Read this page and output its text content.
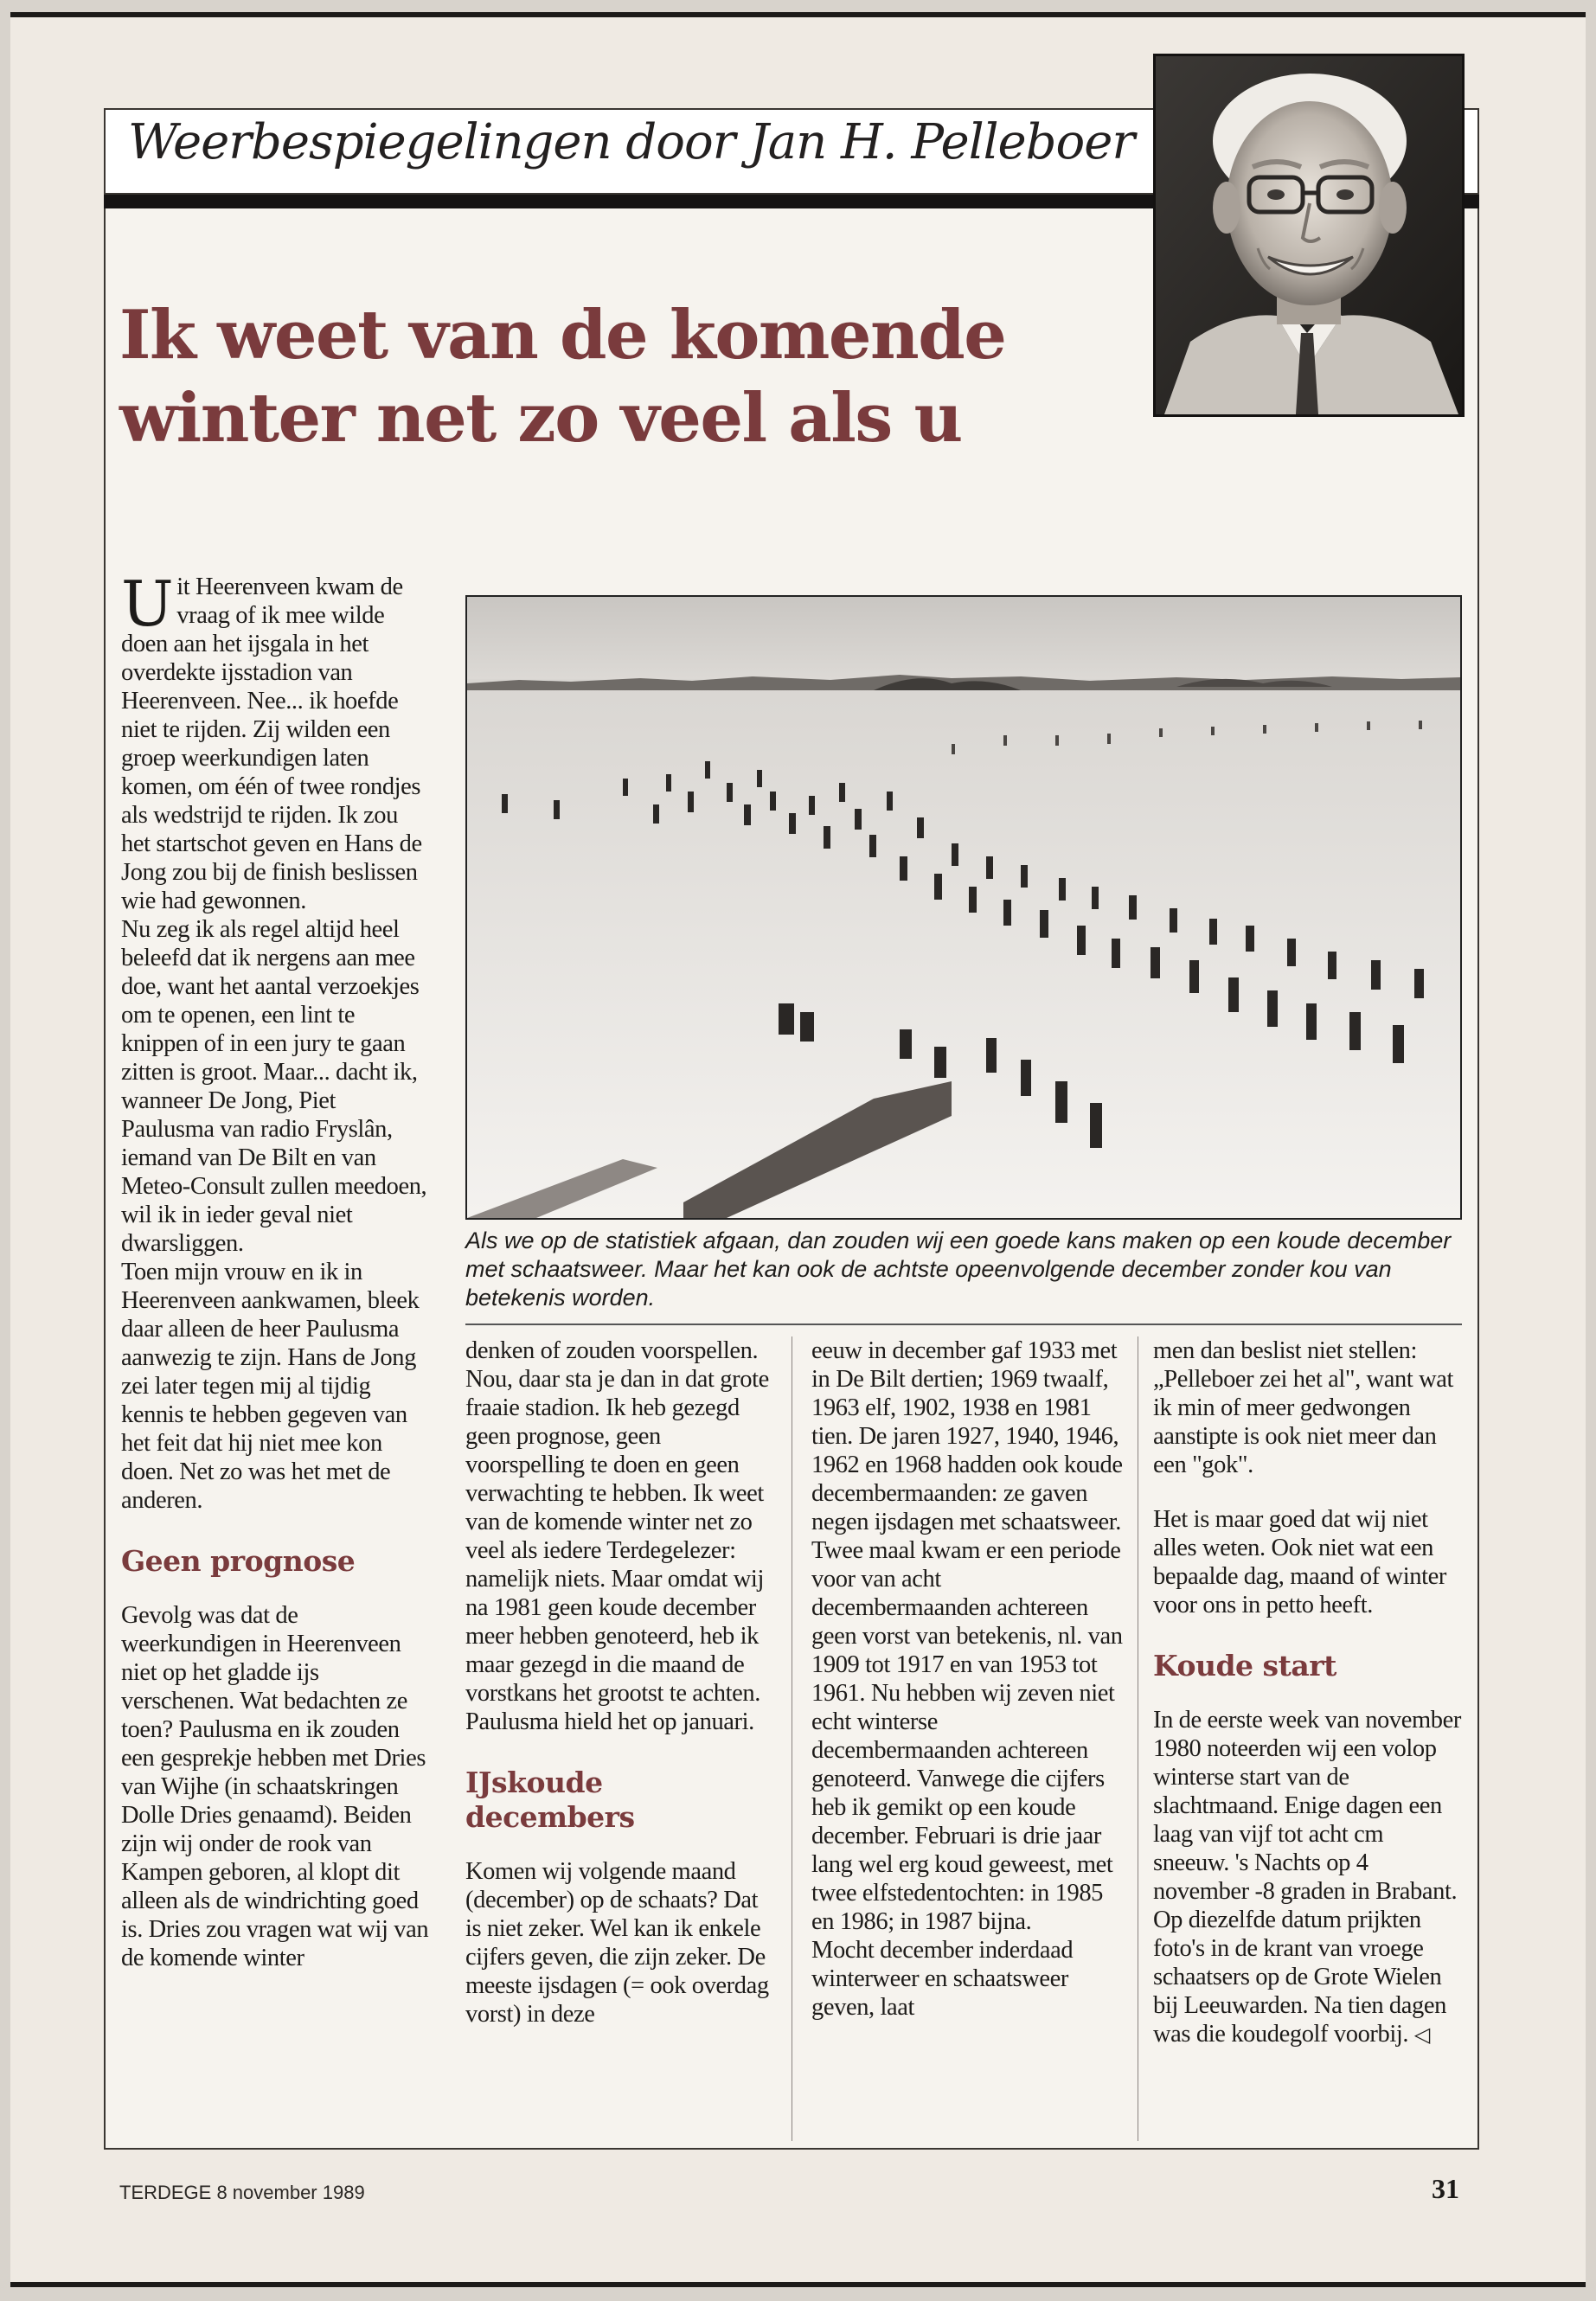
Weerbespiegelingen door Jan H. Pelleboer
Ik weet van de komende winter net zo veel als u

Uit Heerenveen kwam de vraag of ik mee wilde doen aan het ijsgala in het overdekte ijsstadion van Heerenveen. Nee... ik hoefde niet te rijden. Zij wilden een groep weerkundigen laten komen, om één of twee rondjes als wedstrijd te rijden. Ik zou het startschot geven en Hans de Jong zou bij de finish beslissen wie had gewonnen.

Nu zeg ik als regel altijd heel beleefd dat ik nergens aan mee doe, want het aantal verzoekjes om te openen, een lint te knippen of in een jury te gaan zitten is groot. Maar... dacht ik, wanneer De Jong, Piet Paulusma van radio Fryslân, iemand van De Bilt en van Meteo-Consult zullen meedoen, wil ik in ieder geval niet dwarsliggen.

Toen mijn vrouw en ik in Heerenveen aankwamen, bleek daar alleen de heer Paulusma aanwezig te zijn. Hans de Jong zei later tegen mij al tijdig kennis te hebben gegeven van het feit dat hij niet mee kon doen. Net zo was het met de anderen.

Geen prognose

Gevolg was dat de weerkundigen in Heerenveen niet op het gladde ijs verschenen. Wat bedachten ze toen? Paulusma en ik zouden een gesprekje hebben met Dries van Wijhe (in schaatskringen Dolle Dries genaamd). Beiden zijn wij onder de rook van Kampen geboren, al klopt dit alleen als de windrichting goed is. Dries zou vragen wat wij van de komende winter

Als we op de statistiek afgaan, dan zouden wij een goede kans maken op een koude december met schaatsweer. Maar het kan ook de achtste opeenvolgende december zonder kou van betekenis worden.

denken of zouden voorspellen.

Nou, daar sta je dan in dat grote fraaie stadion. Ik heb gezegd geen prognose, geen voorspelling te doen en geen verwachting te hebben. Ik weet van de komende winter net zo veel als iedere Terdegelezer: namelijk niets. Maar omdat wij na 1981 geen koude december meer hebben genoteerd, heb ik maar gezegd in die maand de vorstkans het grootst te achten. Paulusma hield het op januari.

IJskoude decembers

Komen wij volgende maand (december) op de schaats? Dat is niet zeker. Wel kan ik enkele cijfers geven, die zijn zeker. De meeste ijsdagen (= ook overdag vorst) in deze

eeuw in december gaf 1933 met in De Bilt dertien; 1969 twaalf, 1963 elf, 1902, 1938 en 1981 tien. De jaren 1927, 1940, 1946, 1962 en 1968 hadden ook koude decembermaanden: ze gaven negen ijsdagen met schaatsweer. Twee maal kwam er een periode voor van acht decembermaanden achtereen geen vorst van betekenis, nl. van 1909 tot 1917 en van 1953 tot 1961. Nu hebben wij zeven niet echt winterse decembermaanden achtereen genoteerd. Vanwege die cijfers heb ik gemikt op een koude december. Februari is drie jaar lang wel erg koud geweest, met twee elfstedentochten: in 1985 en 1986; in 1987 bijna.

Mocht december inderdaad winterweer en schaatsweer geven, laat

men dan beslist niet stellen: „Pelleboer zei het al", want wat ik min of meer gedwongen aanstipte is ook niet meer dan een "gok".

Het is maar goed dat wij niet alles weten. Ook niet wat een bepaalde dag, maand of winter voor ons in petto heeft.

Koude start

In de eerste week van november 1980 noteerden wij een volop winterse start van de slachtmaand. Enige dagen een laag van vijf tot acht cm sneeuw. 's Nachts op 4 november -8 graden in Brabant. Op diezelfde datum prijkten foto's in de krant van vroege schaatsers op de Grote Wielen bij Leeuwarden. Na tien dagen was die koudegolf voorbij. ◁

TERDEGE 8 november 1989	31
